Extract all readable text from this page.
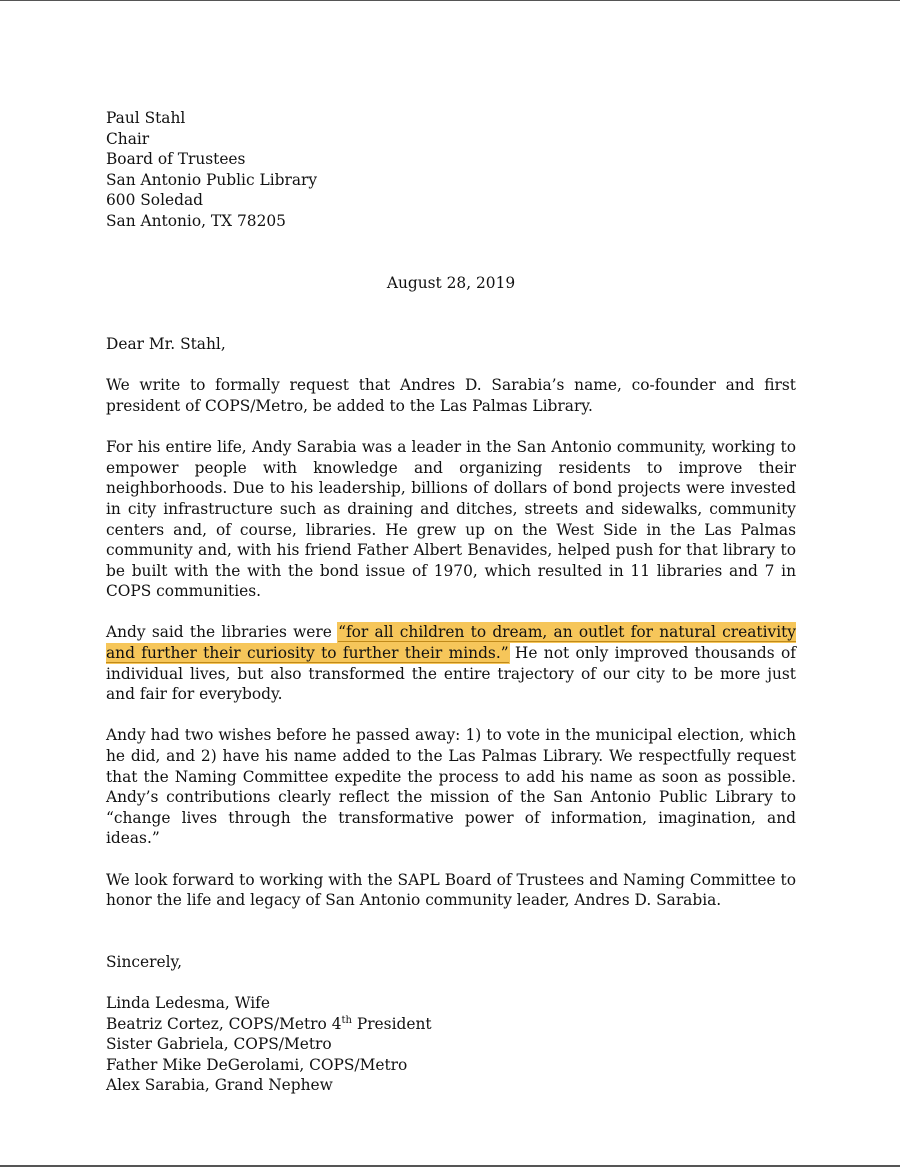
Paul Stahl
Chair
Board of Trustees
San Antonio Public Library
600 Soledad
San Antonio, TX 78205
August 28, 2019
Dear Mr. Stahl,

We write to formally request that Andres D. Sarabia’s name, co-founder and first president of COPS/Metro, be added to the Las Palmas Library.

For his entire life, Andy Sarabia was a leader in the San Antonio community, working to empower people with knowledge and organizing residents to improve their neighborhoods. Due to his leadership, billions of dollars of bond projects were invested in city infrastructure such as draining and ditches, streets and sidewalks, community centers and, of course, libraries. He grew up on the West Side in the Las Palmas community and, with his friend Father Albert Benavides, helped push for that library to be built with the with the bond issue of 1970, which resulted in 11 libraries and 7 in COPS communities.

Andy said the libraries were “for all children to dream, an outlet for natural creativity and further their curiosity to further their minds.” He not only improved thousands of individual lives, but also transformed the entire trajectory of our city to be more just and fair for everybody.

Andy had two wishes before he passed away: 1) to vote in the municipal election, which he did, and 2) have his name added to the Las Palmas Library. We respectfully request that the Naming Committee expedite the process to add his name as soon as possible. Andy’s contributions clearly reflect the mission of the San Antonio Public Library to “change lives through the transformative power of information, imagination, and ideas.”

We look forward to working with the SAPL Board of Trustees and Naming Committee to honor the life and legacy of San Antonio community leader, Andres D. Sarabia.

Sincerely,
Linda Ledesma, Wife
Beatriz Cortez, COPS/Metro 4th President
Sister Gabriela, COPS/Metro
Father Mike DeGerolami, COPS/Metro
Alex Sarabia, Grand Nephew
